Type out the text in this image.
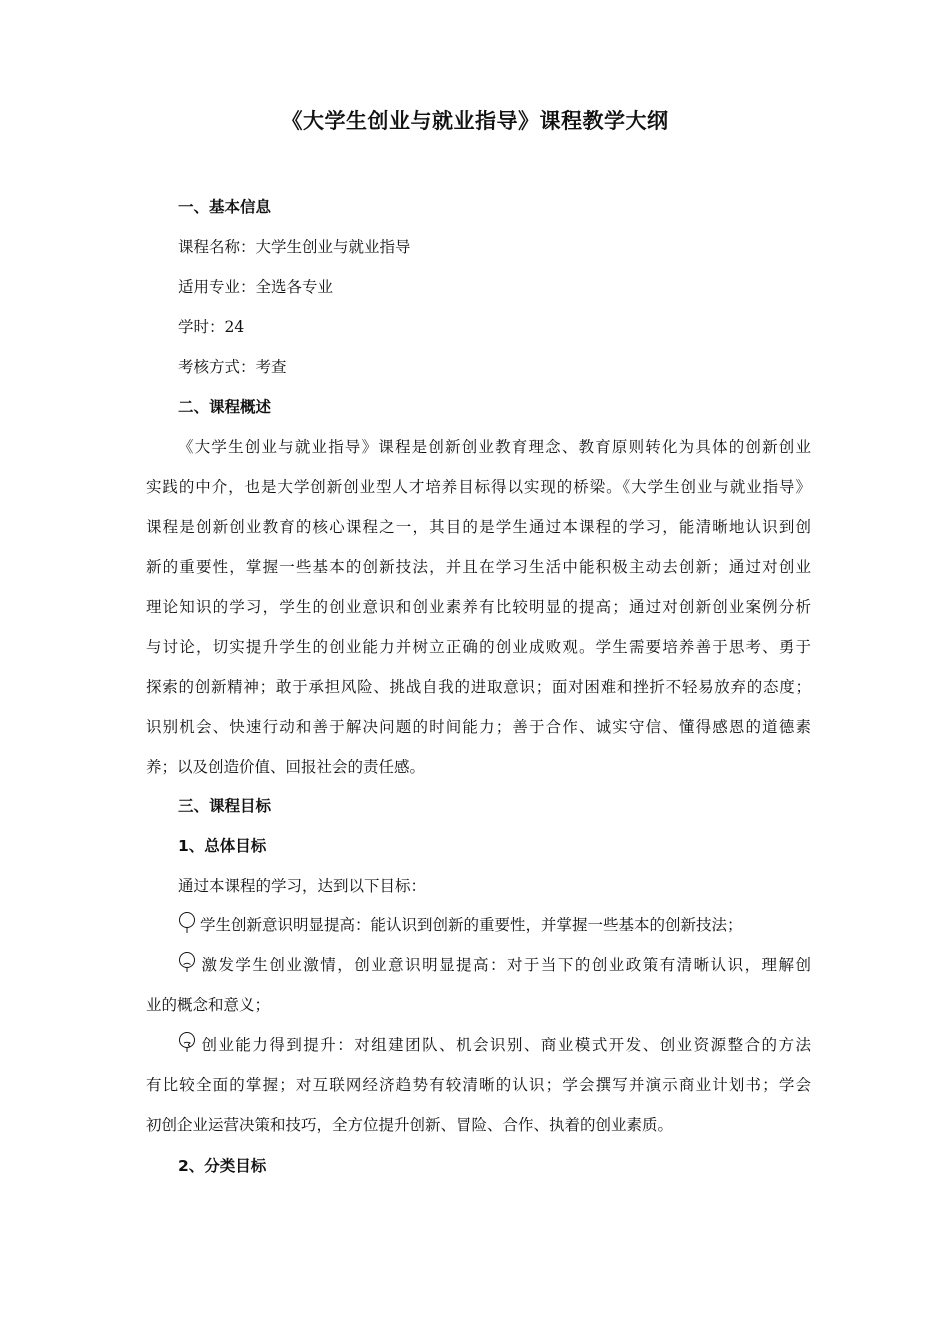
《大学生创业与就业指导》课程教学大纲
一、基本信息
课程名称：大学生创业与就业指导
适用专业：全选各专业
学时：24
考核方式：考查
二、课程概述
《大学生创业与就业指导》课程是创新创业教育理念、教育原则转化为具体的创新创业
实践的中介，也是大学创新创业型人才培养目标得以实现的桥梁。《大学生创业与就业指导》
课程是创新创业教育的核心课程之一，其目的是学生通过本课程的学习，能清晰地认识到创
新的重要性，掌握一些基本的创新技法，并且在学习生活中能积极主动去创新；通过对创业
理论知识的学习，学生的创业意识和创业素养有比较明显的提高；通过对创新创业案例分析
与讨论，切实提升学生的创业能力并树立正确的创业成败观。学生需要培养善于思考、勇于
探索的创新精神；敢于承担风险、挑战自我的进取意识；面对困难和挫折不轻易放弃的态度；
识别机会、快速行动和善于解决问题的时间能力；善于合作、诚实守信、懂得感恩的道德素
养；以及创造价值、回报社会的责任感。
三、课程目标
1、总体目标
通过本课程的学习，达到以下目标：
学生创新意识明显提高：能认识到创新的重要性，并掌握一些基本的创新技法；
激发学生创业激情，创业意识明显提高：对于当下的创业政策有清晰认识，理解创
业的概念和意义；
创业能力得到提升：对组建团队、机会识别、商业模式开发、创业资源整合的方法
有比较全面的掌握；对互联网经济趋势有较清晰的认识；学会撰写并演示商业计划书；学会
初创企业运营决策和技巧，全方位提升创新、冒险、合作、执着的创业素质。
2、分类目标
